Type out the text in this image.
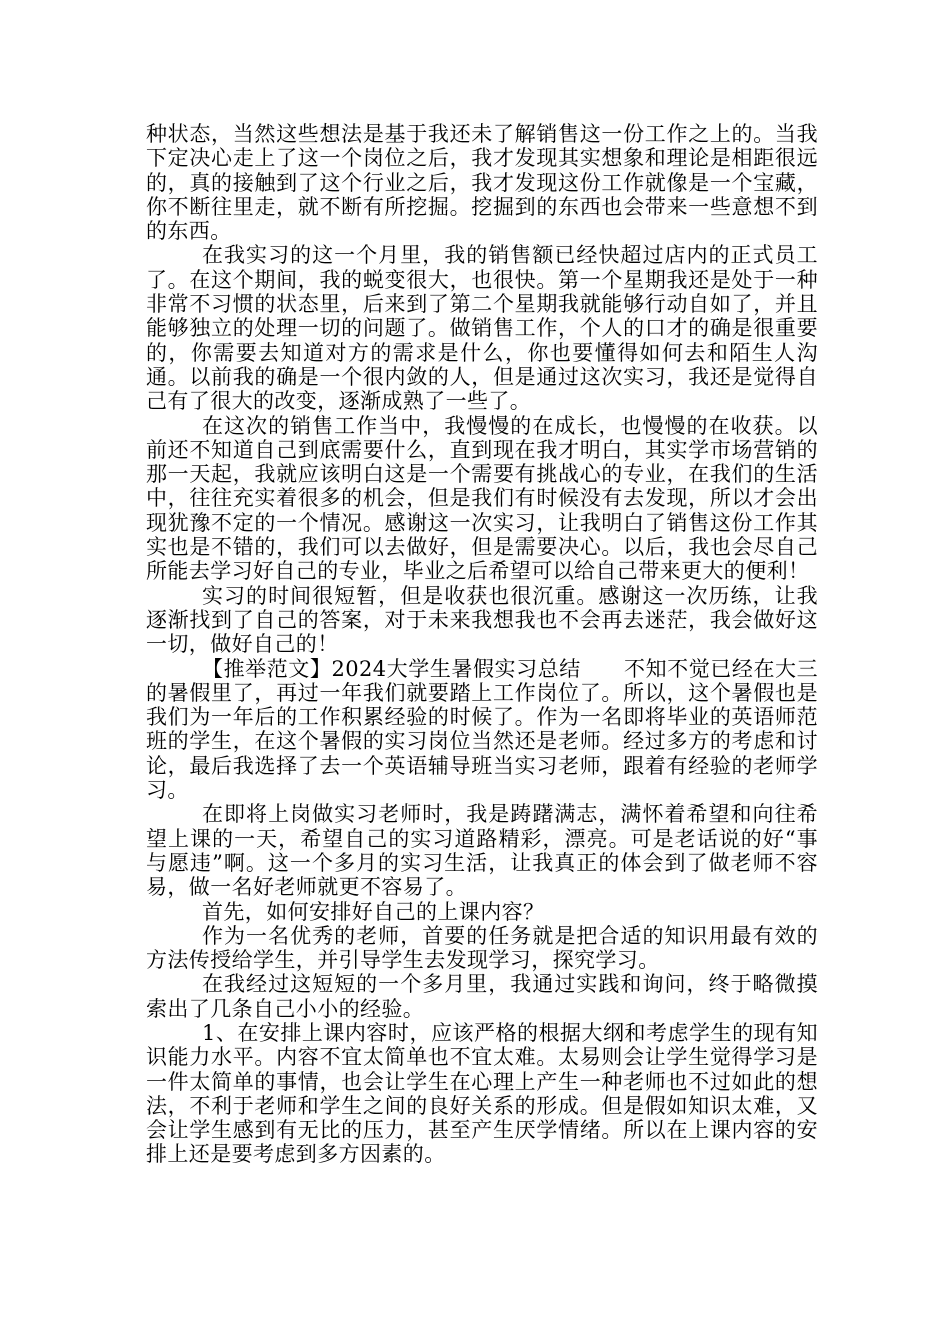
种状态，当然这些想法是基于我还未了解销售这一份工作之上的。当我下定决心走上了这一个岗位之后，我才发现其实想象和理论是相距很远的，真的接触到了这个行业之后，我才发现这份工作就像是一个宝藏，你不断往里走，就不断有所挖掘。挖掘到的东西也会带来一些意想不到的东西。

在我实习的这一个月里，我的销售额已经快超过店内的正式员工了。在这个期间，我的蜕变很大，也很快。第一个星期我还是处于一种非常不习惯的状态里，后来到了第二个星期我就能够行动自如了，并且能够独立的处理一切的问题了。做销售工作，个人的口才的确是很重要的，你需要去知道对方的需求是什么，你也要懂得如何去和陌生人沟通。以前我的确是一个很内敛的人，但是通过这次实习，我还是觉得自己有了很大的改变，逐渐成熟了一些了。

在这次的销售工作当中，我慢慢的在成长，也慢慢的在收获。以前还不知道自己到底需要什么，直到现在我才明白，其实学市场营销的那一天起，我就应该明白这是一个需要有挑战心的专业，在我们的生活中，往往充实着很多的机会，但是我们有时候没有去发现，所以才会出现犹豫不定的一个情况。感谢这一次实习，让我明白了销售这份工作其实也是不错的，我们可以去做好，但是需要决心。以后，我也会尽自己所能去学习好自己的专业，毕业之后希望可以给自己带来更大的便利！

实习的时间很短暂，但是收获也很沉重。感谢这一次历练，让我逐渐找到了自己的答案，对于未来我想我也不会再去迷茫，我会做好这一切，做好自己的！

【推举范文】2024大学生暑假实习总结　　不知不觉已经在大三的暑假里了，再过一年我们就要踏上工作岗位了。所以，这个暑假也是我们为一年后的工作积累经验的时候了。作为一名即将毕业的英语师范班的学生，在这个暑假的实习岗位当然还是老师。经过多方的考虑和讨论，最后我选择了去一个英语辅导班当实习老师，跟着有经验的老师学习。

在即将上岗做实习老师时，我是踌躇满志，满怀着希望和向往希望上课的一天，希望自己的实习道路精彩，漂亮。可是老话说的好“事与愿违”啊。这一个多月的实习生活，让我真正的体会到了做老师不容易，做一名好老师就更不容易了。

首先，如何安排好自己的上课内容？

作为一名优秀的老师，首要的任务就是把合适的知识用最有效的方法传授给学生，并引导学生去发现学习，探究学习。

在我经过这短短的一个多月里，我通过实践和询问，终于略微摸索出了几条自己小小的经验。

1、在安排上课内容时，应该严格的根据大纲和考虑学生的现有知识能力水平。内容不宜太简单也不宜太难。太易则会让学生觉得学习是一件太简单的事情，也会让学生在心理上产生一种老师也不过如此的想法，不利于老师和学生之间的良好关系的形成。但是假如知识太难，又会让学生感到有无比的压力，甚至产生厌学情绪。所以在上课内容的安排上还是要考虑到多方因素的。
